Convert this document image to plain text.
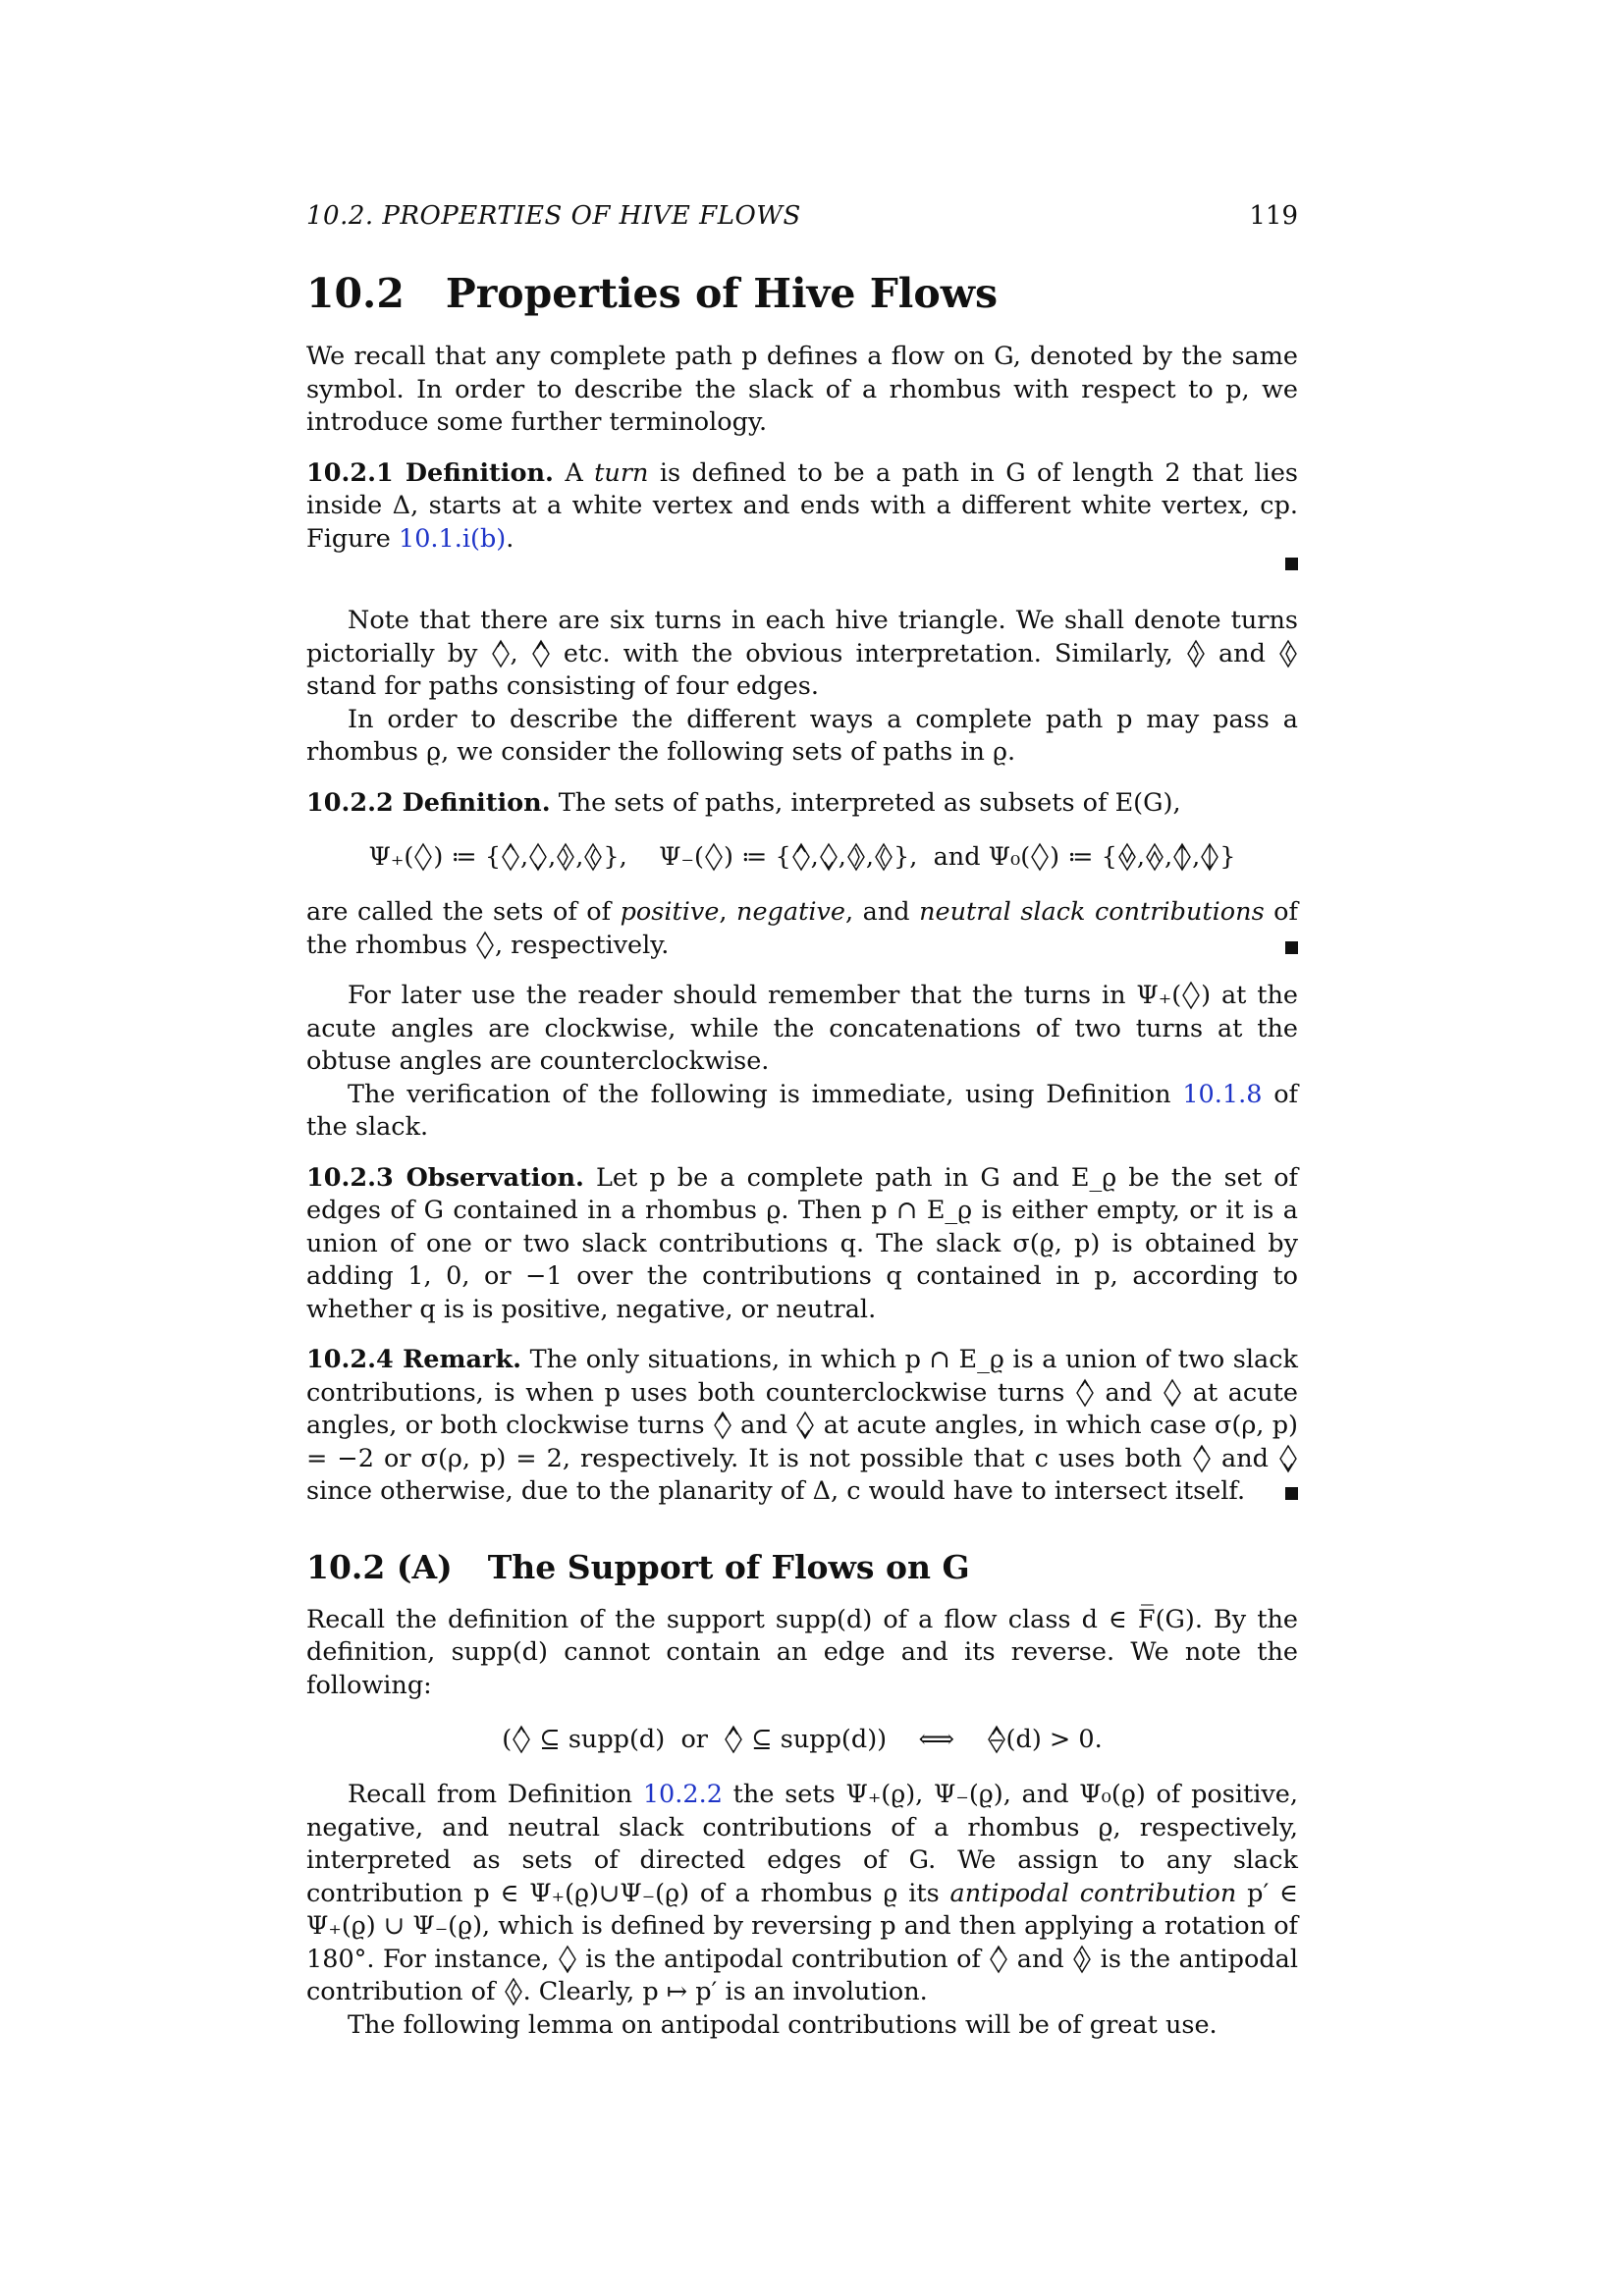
10.2. PROPERTIES OF HIVE FLOWS	119
10.2 Properties of Hive Flows

We recall that any complete path p defines a flow on G, denoted by the same symbol. In order to describe the slack of a rhombus with respect to p, we introduce some further terminology.

10.2.1 Definition. A turn is defined to be a path in G of length 2 that lies inside Δ, starts at a white vertex and ends with a different white vertex, cp. Figure 10.1.i(b).

Note that there are six turns in each hive triangle. We shall denote turns pictorially by
,
etc. with the obvious interpretation. Similarly,
and
stand for paths consisting of four edges.

In order to describe the different ways a complete path p may pass a rhombus ϱ, we consider the following sets of paths in ϱ.

10.2.2 Definition. The sets of paths, interpreted as subsets of E(G),

Ψ₊( ) ≔ { , , , }, Ψ₋( ) ≔ { , , , }, and Ψ₀( ) ≔ { , , , }

are called the sets of of positive, negative, and neutral slack contributions of the rhombus
, respectively.

For later use the reader should remember that the turns in Ψ₊( ) at the acute angles are clockwise, while the concatenations of two turns at the obtuse angles are counterclockwise.

The verification of the following is immediate, using Definition 10.1.8 of the slack.

10.2.3 Observation. Let p be a complete path in G and E_ϱ be the set of edges of G contained in a rhombus ϱ. Then p ∩ E_ϱ is either empty, or it is a union of one or two slack contributions q. The slack σ(ϱ, p) is obtained by adding 1, 0, or −1 over the contributions q contained in p, according to whether q is is positive, negative, or neutral.

10.2.4 Remark. The only situations, in which p ∩ E_ϱ is a union of two slack contributions, is when p uses both counterclockwise turns
and
at acute angles, or both clockwise turns
and
at acute angles, in which case σ(ρ, p) = −2 or σ(ρ, p) = 2, respectively. It is not possible that c uses both
and
since otherwise, due to the planarity of Δ, c would have to intersect itself.

10.2 (A) The Support of Flows on G

Recall the definition of the support supp(d) of a flow class d ∈ F̅(G). By the definition, supp(d) cannot contain an edge and its reverse. We note the following:

(
⊆ supp(d) or
⊆ supp(d)) ⟺ (d) > 0.

Recall from Definition 10.2.2 the sets Ψ₊(ϱ), Ψ₋(ϱ), and Ψ₀(ϱ) of positive, negative, and neutral slack contributions of a rhombus ϱ, respectively, interpreted as sets of directed edges of G. We assign to any slack contribution p ∈ Ψ₊(ϱ)∪Ψ₋(ϱ) of a rhombus ϱ its antipodal contribution p′ ∈ Ψ₊(ϱ) ∪ Ψ₋(ϱ), which is defined by reversing p and then applying a rotation of 180°. For instance,
is the antipodal contribution of
and
is the antipodal contribution of
. Clearly, p ↦ p′ is an involution.

The following lemma on antipodal contributions will be of great use.
